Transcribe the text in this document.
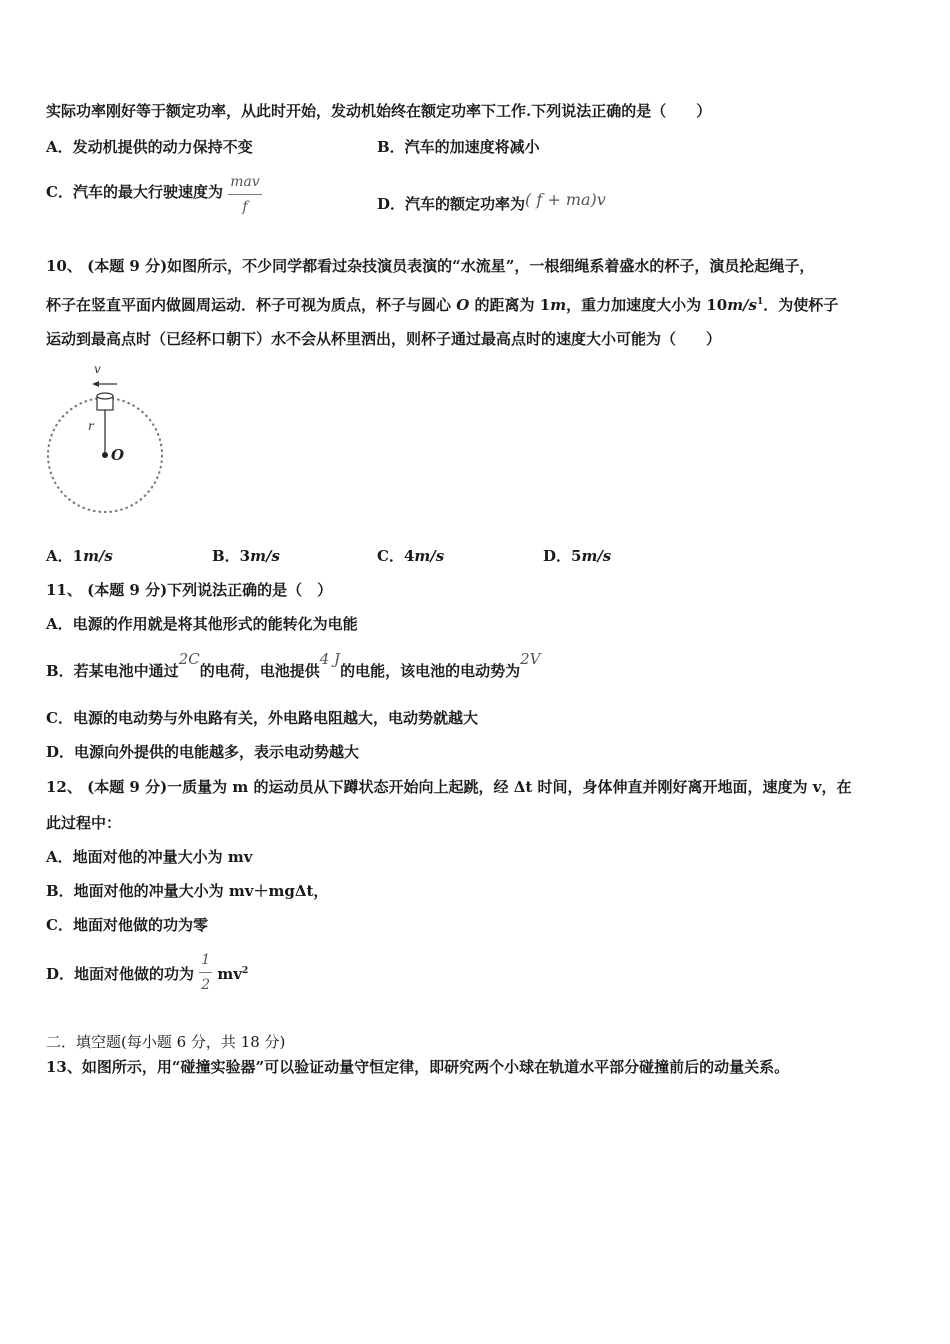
实际功率刚好等于额定功率，从此时开始，发动机始终在额定功率下工作.下列说法正确的是（　　）
A．发动机提供的动力保持不变	B．汽车的加速度将减小
C．汽车的最大行驶速度为 $\frac{\text{mav}}{f}$	D．汽车的额定功率为( f + ma)v
10、 (本题 9 分)如图所示，不少同学都看过杂技演员表演的“水流星”，一根细绳系着盛水的杯子，演员抡起绳子，
杯子在竖直平面内做圆周运动．杯子可视为质点，杯子与圆心 O 的距离为 1m，重力加速度大小为 $10m/s^1$．为使杯子
运动到最高点时（已经杯口朝下）水不会从杯里洒出，则杯子通过最高点时的速度大小可能为（　　）
v
r
O
A．1m/s	B．3m/s	C．4m/s	D．5m/s
11、 (本题 9 分)下列说法正确的是（　）
A．电源的作用就是将其他形式的能转化为电能
B．若某电池中通过2C的电荷，电池提供4 J的电能，该电池的电动势为2V
C．电源的电动势与外电路有关，外电路电阻越大，电动势就越大
D．电源向外提供的电能越多，表示电动势越大
12、 (本题 9 分)一质量为 m 的运动员从下蹲状态开始向上起跳，经 Δt 时间，身体伸直并刚好离开地面，速度为 v，在
此过程中：
A．地面对他的冲量大小为 mv
B．地面对他的冲量大小为 mv＋mgΔt，
C．地面对他做的功为零
D．地面对他做的功为 $\frac{1}{2} mv^2$
二．填空题(每小题 6 分，共 18 分)
13、如图所示，用“碰撞实验器”可以验证动量守恒定律，即研究两个小球在轨道水平部分碰撞前后的动量关系。
